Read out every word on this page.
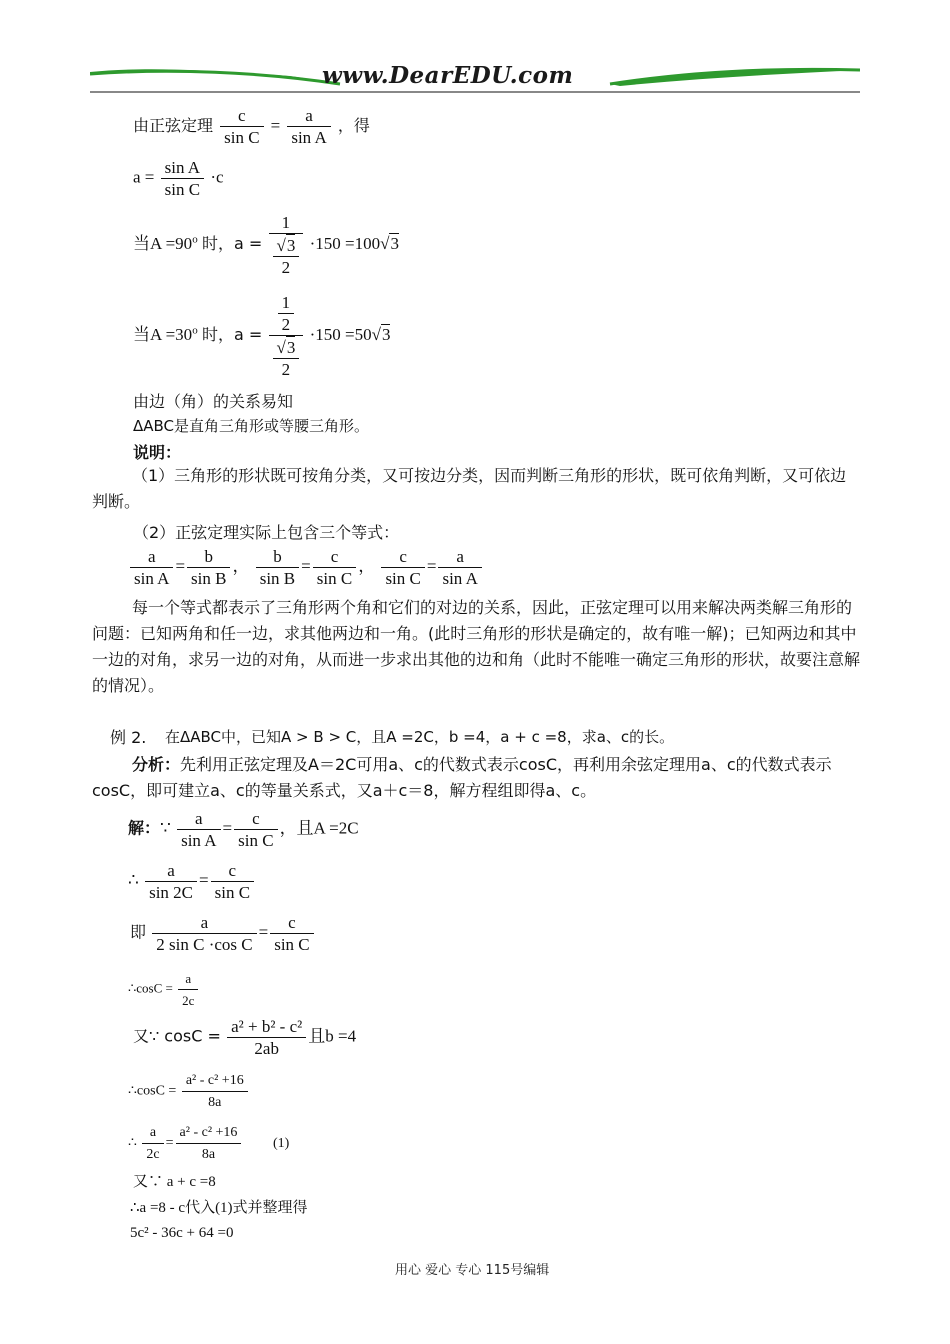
www.DearEDU.com
由正弦定理 $\frac{c}{\text{sin C}} = \frac{a}{\text{sin A}}$ ，得
$a = \frac{\text{sin A}}{\text{sin C}} \cdot c$
当$A =90^o$ 时，$a = \frac{1}{\frac{√3}{2}} \cdot 150 =100√3$
当$A =30^o$ 时，$a = \frac{\frac{1}{2}}{\frac{√3}{2}} \cdot 150 =50√3$
由边（角）的关系易知
ΔABC是直角三角形或等腰三角形。
说明：
（1）三角形的形状既可按角分类，又可按边分类，因而判断三角形的形状，既可依角判断，又可依边判断。
（2）正弦定理实际上包含三个等式：
$\frac{a}{\text{sin A}} = \frac{b}{\text{sin B}}$ ， $\frac{b}{\text{sin B}} = \frac{c}{\text{sin C}}$ ， $\frac{c}{\text{sin C}} = \frac{a}{\text{sin A}}$
每一个等式都表示了三角形两个角和它们的对边的关系，因此，正弦定理可以用来解决两类解三角形的问题：已知两角和任一边，求其他两边和一角。(此时三角形的形状是确定的，故有唯一解)；已知两边和其中一边的对角，求另一边的对角，从而进一步求出其他的边和角（此时不能唯一确定三角形的形状，故要注意解的情况）。
例 2. 在ΔABC中，已知A > B > C，且A =2C，b =4，a + c =8，求a、c的长。
分析：先利用正弦定理及A＝2C可用a、c的代数式表示cosC，再利用余弦定理用a、c的代数式表示cosC，即可建立a、c的等量关系式，又a＋c＝8，解方程组即得a、c。
解：∵ $\frac{a}{\text{sin A}} = \frac{c}{\text{sin C}}$ ，且A =2C
∴ $\frac{a}{\sin 2C} = \frac{c}{\text{sin C}}$
即 $\frac{a}{\text{2 sin C ·cos C}} = \frac{c}{\text{sin C}}$
∴cosC = $\frac{a}{2c}$
又∵ $\cos C = \frac{\text{a² + b² - c²}}{2ab}$ 且b =4
∴cosC = $\frac{\text{a² - c² +16}}{8a}$
∴ $\frac{a}{2c} = \frac{\text{a² - c² +16}}{8a} (1)$
又∵ a + c =8
∴a =8 - c代入(1)式并整理得
5c² - 36c + 64 =0
用心 爱心 专心 115号编辑
